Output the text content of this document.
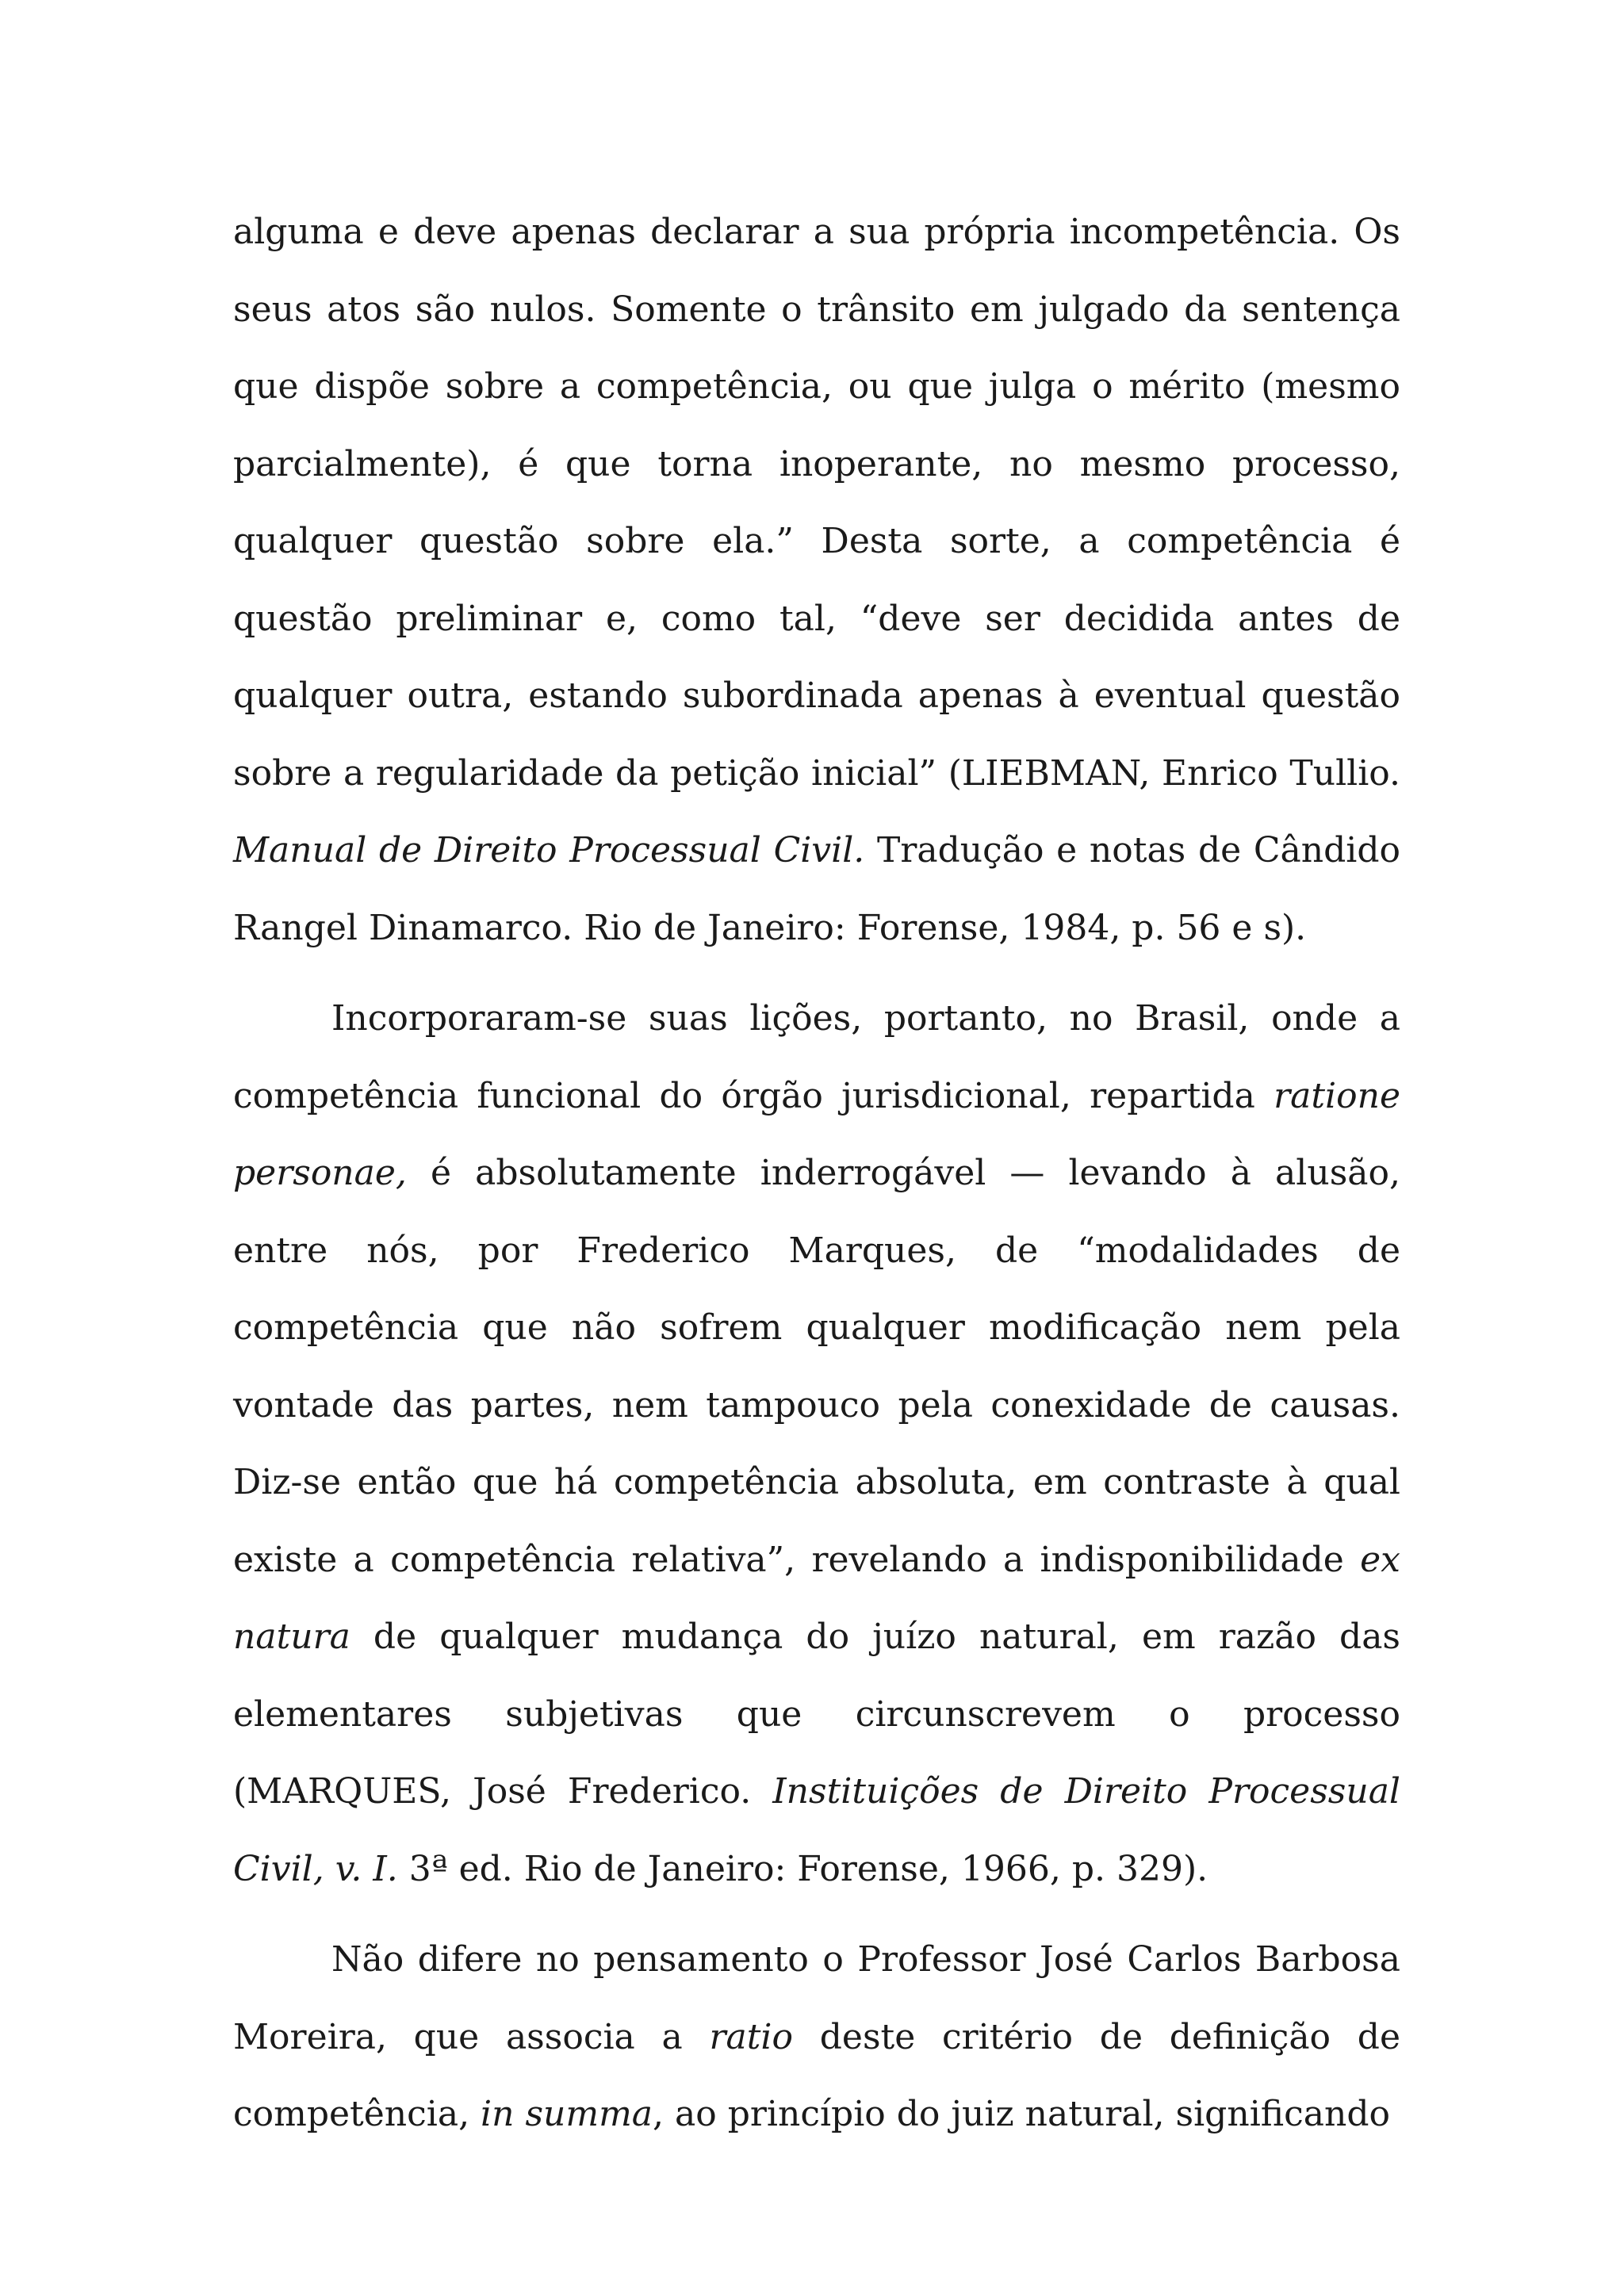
alguma e deve apenas declarar a sua própria incompetência. Os seus atos são nulos. Somente o trânsito em julgado da sentença que dispõe sobre a competência, ou que julga o mérito (mesmo parcialmente), é que torna inoperante, no mesmo processo, qualquer questão sobre ela.” Desta sorte, a competência é questão preliminar e, como tal, “deve ser decidida antes de qualquer outra, estando subordinada apenas à eventual questão sobre a regularidade da petição inicial” (LIEBMAN, Enrico Tullio. Manual de Direito Processual Civil. Tradução e notas de Cândido Rangel Dinamarco. Rio de Janeiro: Forense, 1984, p. 56 e s).

Incorporaram-se suas lições, portanto, no Brasil, onde a competência funcional do órgão jurisdicional, repartida ratione personae, é absolutamente inderrogável — levando à alusão, entre nós, por Frederico Marques, de “modalidades de competência que não sofrem qualquer modificação nem pela vontade das partes, nem tampouco pela conexidade de causas. Diz-se então que há competência absoluta, em contraste à qual existe a competência relativa”, revelando a indisponibilidade ex natura de qualquer mudança do juízo natural, em razão das elementares subjetivas que circunscrevem o processo (MARQUES, José Frederico. Instituições de Direito Processual Civil, v. I. 3ª ed. Rio de Janeiro: Forense, 1966, p. 329).

Não difere no pensamento o Professor José Carlos Barbosa Moreira, que associa a ratio deste critério de definição de competência, in summa, ao princípio do juiz natural, significando
